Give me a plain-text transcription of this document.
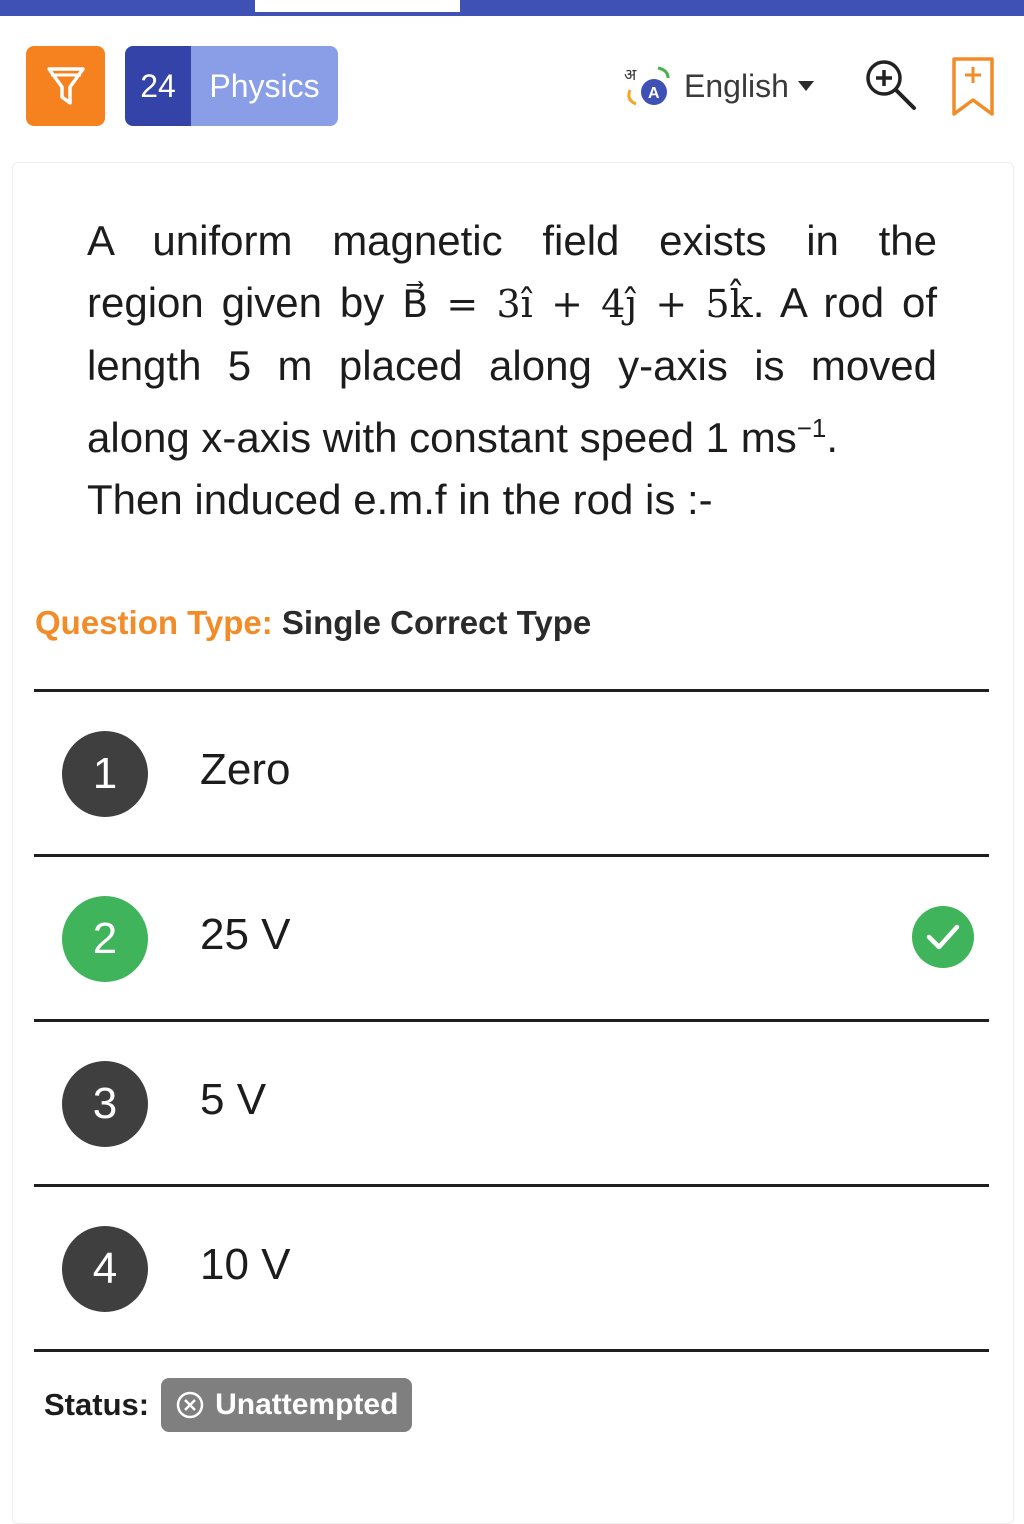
24	Physics	अ
A English
A uniform magnetic field exists in the
region given by B⃗ = 3î + 4ĵ + 5k̂. A rod of
length 5 m placed along y-axis is moved
along x-axis with constant speed 1 $ms^{-1}$.
Then induced e.m.f in the rod is :-
Question Type: Single Correct Type
1	Zero
2	25 V
3	5 V
4	10 V
Status: Unattempted
